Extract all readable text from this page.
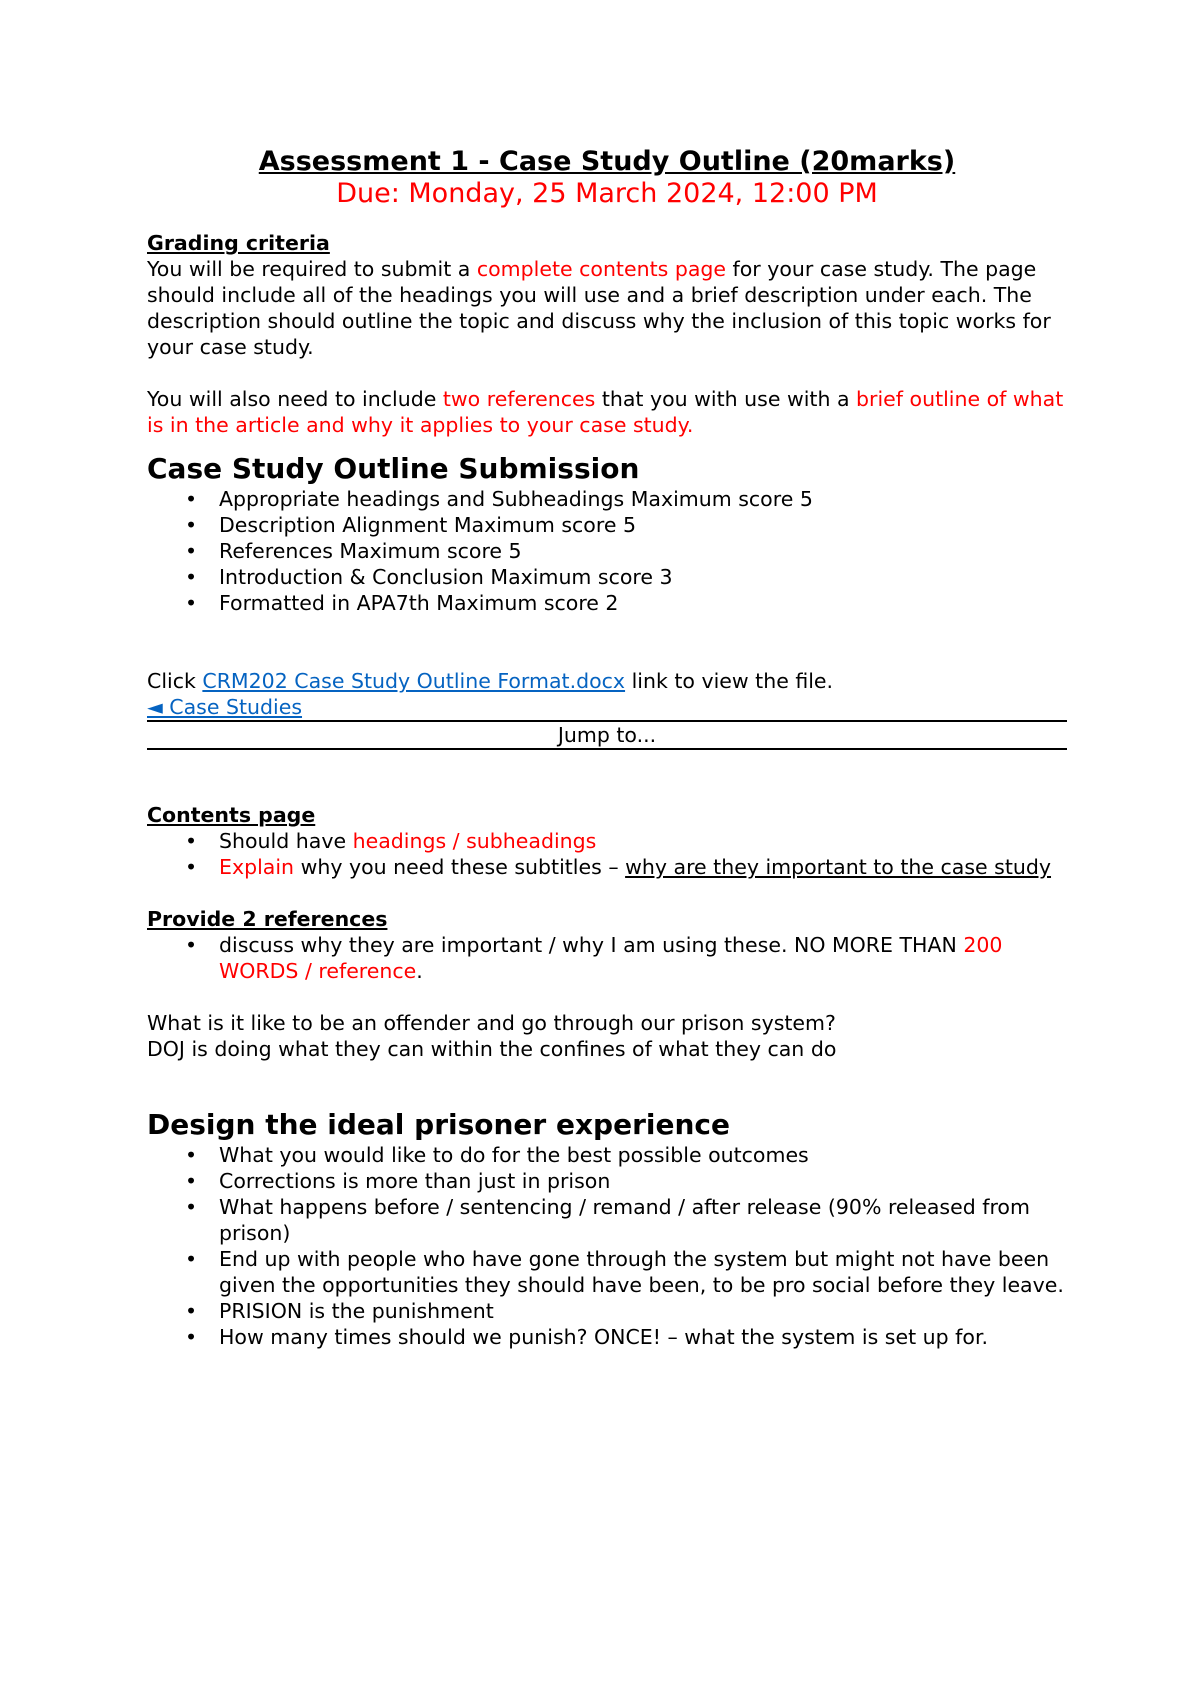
Assessment 1 - Case Study Outline (20marks)
Due: Monday, 25 March 2024, 12:00 PM
Grading criteria

You will be required to submit a complete contents page for your case study. The page should include all of the headings you will use and a brief description under each. The description should outline the topic and discuss why the inclusion of this topic works for your case study.

You will also need to include two references that you with use with a brief outline of what is in the article and why it applies to your case study.

Case Study Outline Submission
• Appropriate headings and Subheadings Maximum score 5
• Description Alignment Maximum score 5
• References Maximum score 5
• Introduction & Conclusion Maximum score 3
• Formatted in APA7th Maximum score 2

Click CRM202 Case Study Outline Format.docx link to view the file.

◄ Case Studies

Jump to...
Contents page
• Should have headings / subheadings
• Explain why you need these subtitles – why are they important to the case study
Provide 2 references
• discuss why they are important / why I am using these. NO MORE THAN 200 WORDS / reference.

What is it like to be an offender and go through our prison system?

DOJ is doing what they can within the confines of what they can do

Design the ideal prisoner experience
• What you would like to do for the best possible outcomes
• Corrections is more than just in prison
• What happens before / sentencing / remand / after release (90% released from prison)
• End up with people who have gone through the system but might not have been given the opportunities they should have been, to be pro social before they leave.
• PRISION is the punishment
• How many times should we punish? ONCE! – what the system is set up for.
